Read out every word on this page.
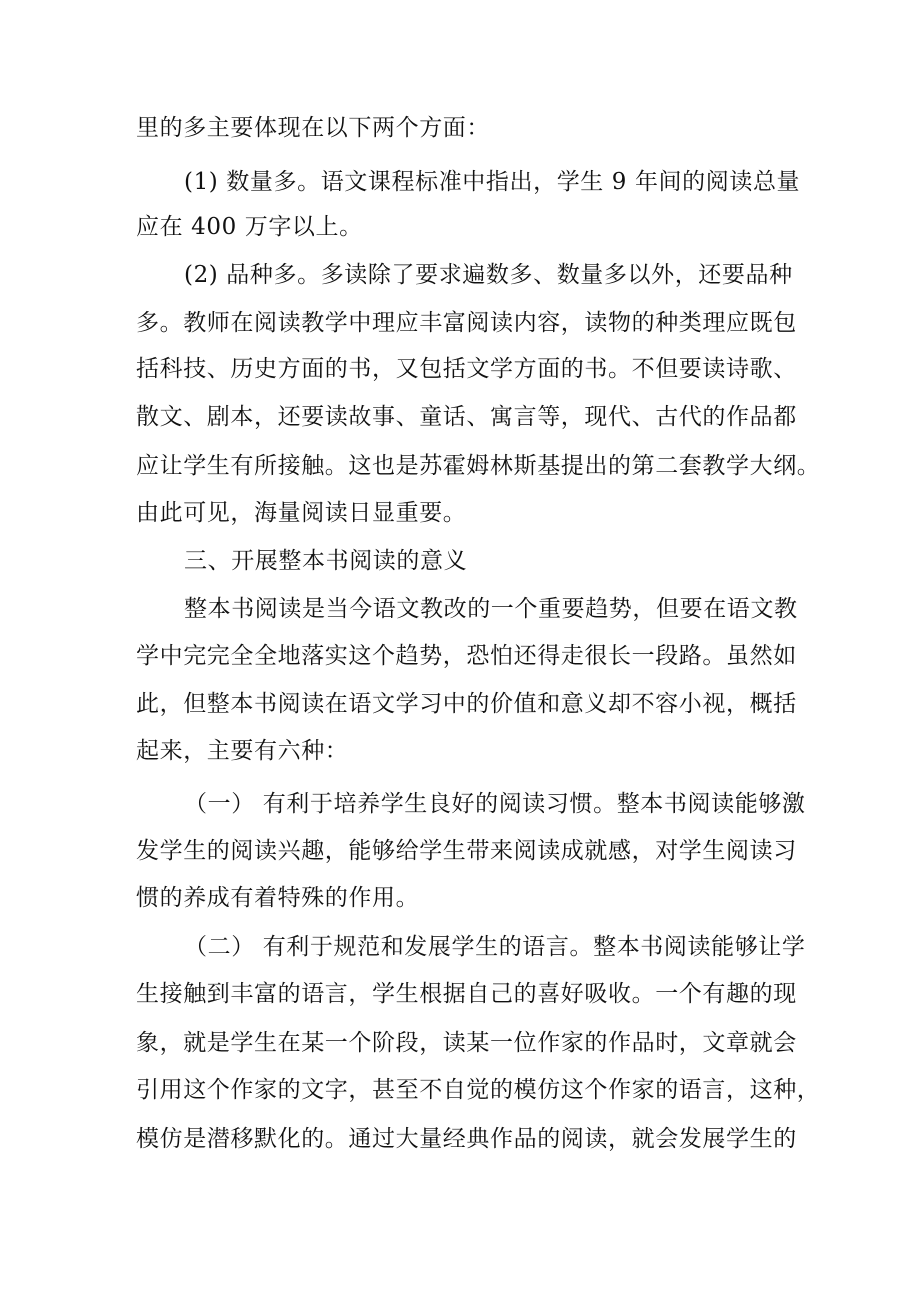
里的多主要体现在以下两个方面：
(1) 数量多。语文课程标准中指出，学生 9 年间的阅读总量
应在 400 万字以上。
(2) 品种多。多读除了要求遍数多、数量多以外，还要品种
多。教师在阅读教学中理应丰富阅读内容，读物的种类理应既包
括科技、历史方面的书，又包括文学方面的书。不但要读诗歌、
散文、剧本，还要读故事、童话、寓言等，现代、古代的作品都
应让学生有所接触。这也是苏霍姆林斯基提出的第二套教学大纲。
由此可见，海量阅读日显重要。
三、开展整本书阅读的意义
整本书阅读是当今语文教改的一个重要趋势，但要在语文教
学中完完全全地落实这个趋势，恐怕还得走很长一段路。虽然如
此，但整本书阅读在语文学习中的价值和意义却不容小视，概括
起来，主要有六种：
（一） 有利于培养学生良好的阅读习惯。整本书阅读能够激
发学生的阅读兴趣，能够给学生带来阅读成就感，对学生阅读习
惯的养成有着特殊的作用。
（二） 有利于规范和发展学生的语言。整本书阅读能够让学
生接触到丰富的语言，学生根据自己的喜好吸收。一个有趣的现
象，就是学生在某一个阶段，读某一位作家的作品时，文章就会
引用这个作家的文字，甚至不自觉的模仿这个作家的语言，这种，
模仿是潜移默化的。通过大量经典作品的阅读，就会发展学生的
